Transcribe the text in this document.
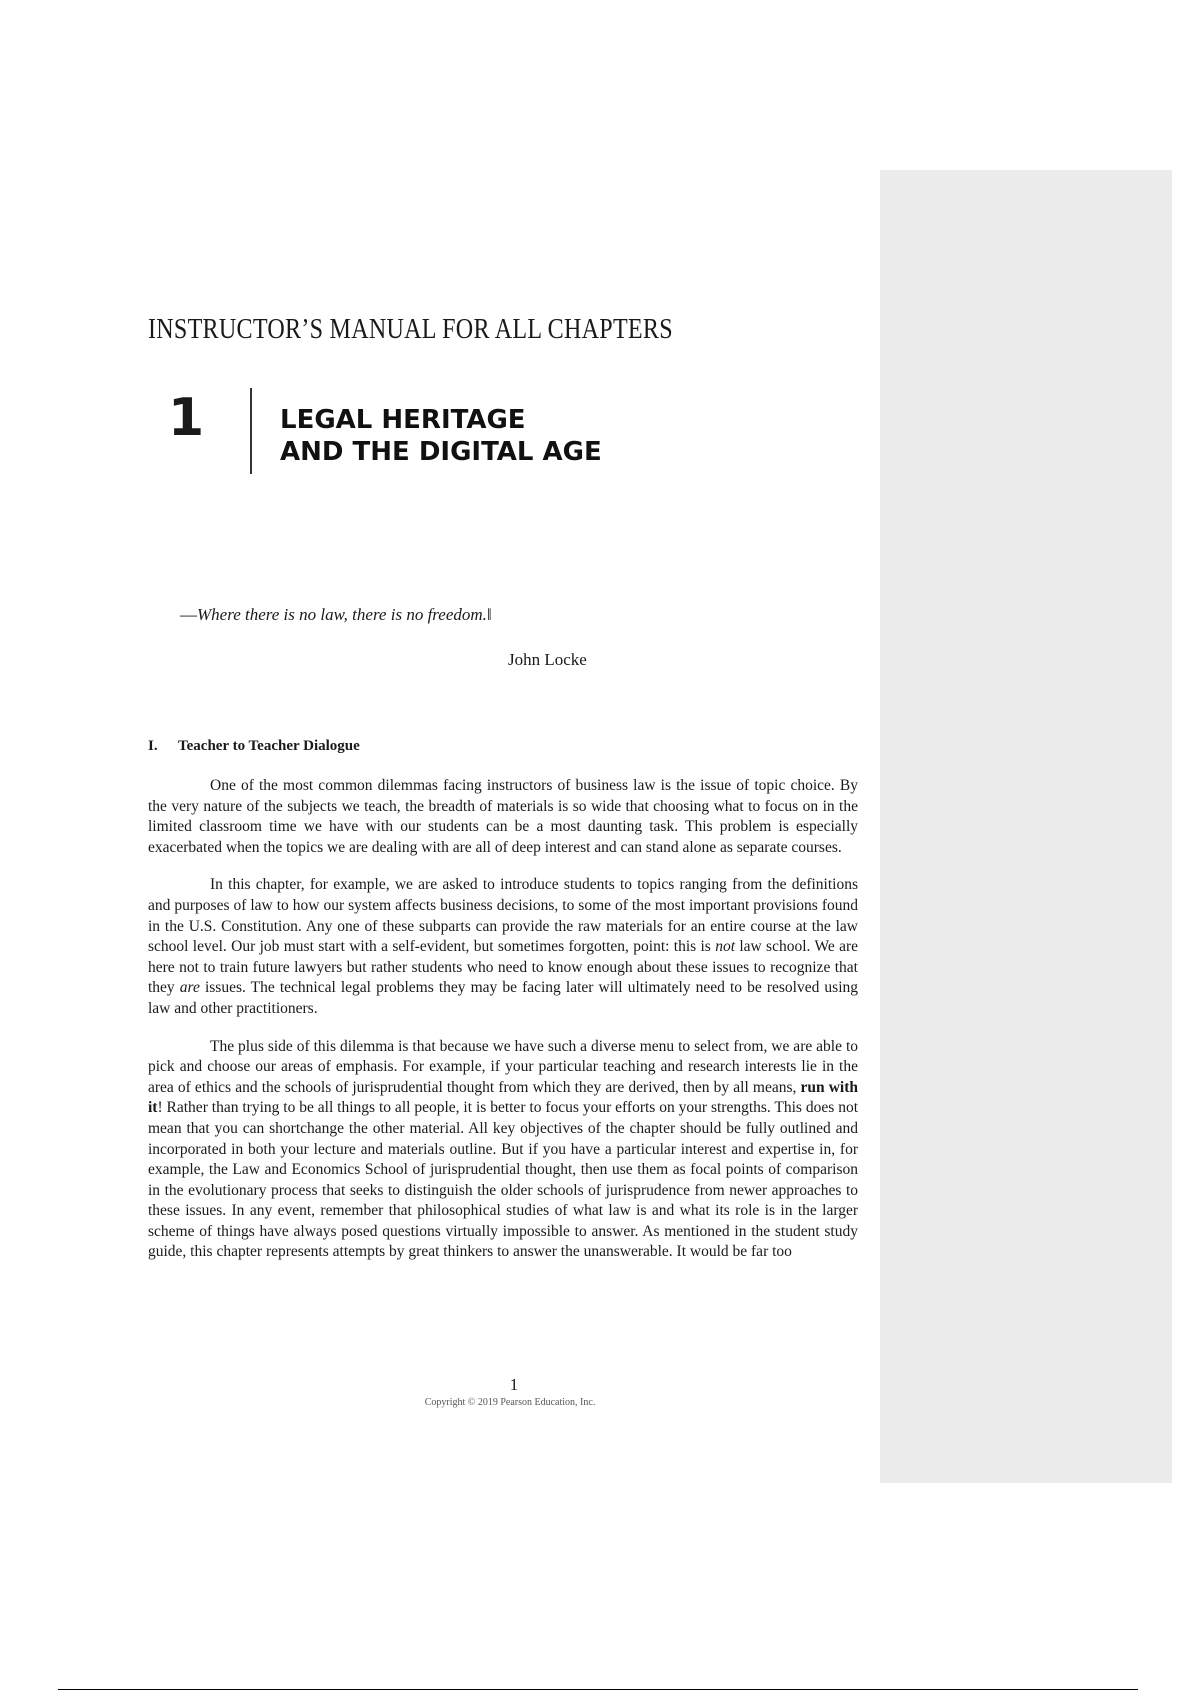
INSTRUCTOR’S MANUAL FOR ALL CHAPTERS
1	LEGAL HERITAGE
AND THE DIGITAL AGE
—Where there is no law, there is no freedom.‖
John Locke
I. Teacher to Teacher Dialogue

One of the most common dilemmas facing instructors of business law is the issue of topic choice. By the very nature of the subjects we teach, the breadth of materials is so wide that choosing what to focus on in the limited classroom time we have with our students can be a most daunting task. This problem is especially exacerbated when the topics we are dealing with are all of deep interest and can stand alone as separate courses.

In this chapter, for example, we are asked to introduce students to topics ranging from the definitions and purposes of law to how our system affects business decisions, to some of the most important provisions found in the U.S. Constitution. Any one of these subparts can provide the raw materials for an entire course at the law school level. Our job must start with a self-evident, but sometimes forgotten, point: this is not law school. We are here not to train future lawyers but rather students who need to know enough about these issues to recognize that they are issues. The technical legal problems they may be facing later will ultimately need to be resolved using law and other practitioners.

The plus side of this dilemma is that because we have such a diverse menu to select from, we are able to pick and choose our areas of emphasis. For example, if your particular teaching and research interests lie in the area of ethics and the schools of jurisprudential thought from which they are derived, then by all means, run with it! Rather than trying to be all things to all people, it is better to focus your efforts on your strengths. This does not mean that you can shortchange the other material. All key objectives of the chapter should be fully outlined and incorporated in both your lecture and materials outline. But if you have a particular interest and expertise in, for example, the Law and Economics School of jurisprudential thought, then use them as focal points of comparison in the evolutionary process that seeks to distinguish the older schools of jurisprudence from newer approaches to these issues. In any event, remember that philosophical studies of what law is and what its role is in the larger scheme of things have always posed questions virtually impossible to answer. As mentioned in the student study guide, this chapter represents attempts by great thinkers to answer the unanswerable. It would be far too

1
Copyright © 2019 Pearson Education, Inc.
